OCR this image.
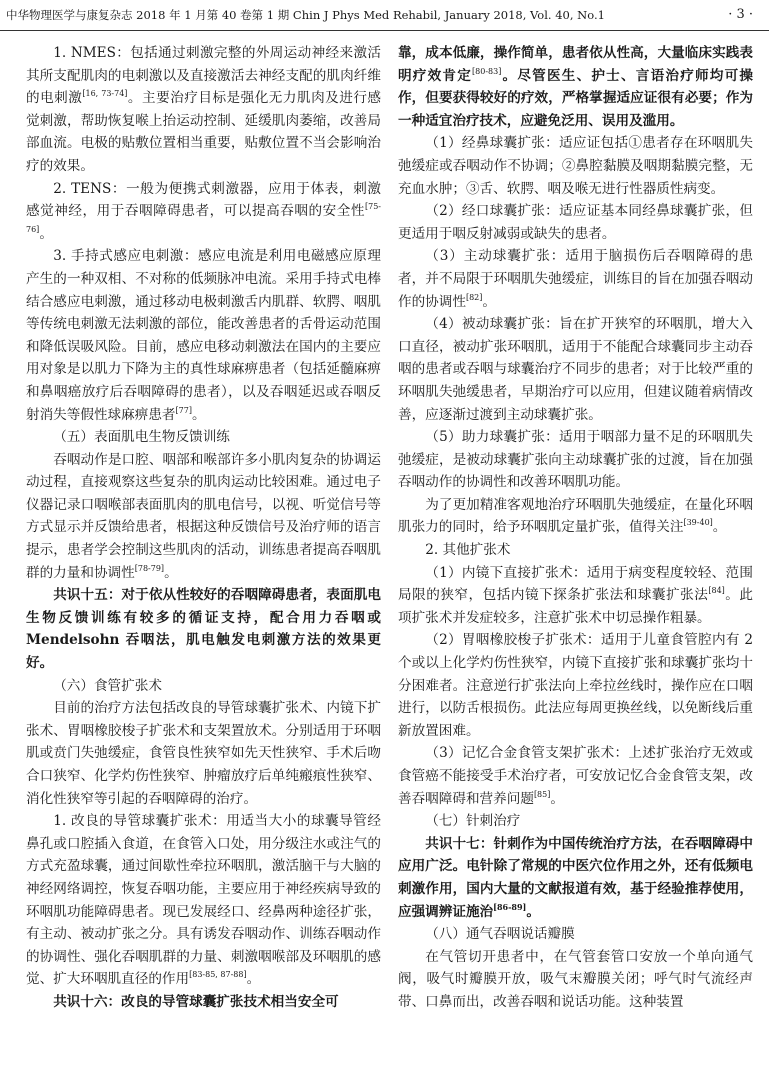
中华物理医学与康复杂志 2018 年 1 月第 40 卷第 1 期 Chin J Phys Med Rehabil, January 2018, Vol. 40, No.1	· 3 ·

1. NMES：包括通过刺激完整的外周运动神经来激活其所支配肌肉的电刺激以及直接激活去神经支配的肌肉纤维的电刺激[16, 73-74]。主要治疗目标是强化无力肌肉及进行感觉刺激，帮助恢复喉上抬运动控制、延缓肌肉萎缩，改善局部血流。电极的贴敷位置相当重要，贴敷位置不当会影响治疗的效果。

2. TENS：一般为便携式刺激器，应用于体表，刺激感觉神经，用于吞咽障碍患者，可以提高吞咽的安全性[75-76]。

3. 手持式感应电刺激：感应电流是利用电磁感应原理产生的一种双相、不对称的低频脉冲电流。采用手持式电棒结合感应电刺激，通过移动电极刺激舌内肌群、软腭、咽肌等传统电刺激无法刺激的部位，能改善患者的舌骨运动范围和降低误吸风险。目前，感应电移动刺激法在国内的主要应用对象是以肌力下降为主的真性球麻痹患者（包括延髓麻痹和鼻咽癌放疗后吞咽障碍的患者），以及吞咽延迟或吞咽反射消失等假性球麻痹患者[77]。

（五）表面肌电生物反馈训练

吞咽动作是口腔、咽部和喉部许多小肌肉复杂的协调运动过程，直接观察这些复杂的肌肉运动比较困难。通过电子仪器记录口咽喉部表面肌肉的肌电信号，以视、听觉信号等方式显示并反馈给患者，根据这种反馈信号及治疗师的语言提示，患者学会控制这些肌肉的活动，训练患者提高吞咽肌群的力量和协调性[78-79]。

共识十五：对于依从性较好的吞咽障碍患者，表面肌电生物反馈训练有较多的循证支持，配合用力吞咽或 Mendelsohn 吞咽法，肌电触发电刺激方法的效果更好。

（六）食管扩张术

目前的治疗方法包括改良的导管球囊扩张术、内镜下扩张术、胃咽橡胶梭子扩张术和支架置放术。分别适用于环咽肌或贲门失弛缓症，食管良性狭窄如先天性狭窄、手术后吻合口狭窄、化学灼伤性狭窄、肿瘤放疗后单纯瘢痕性狭窄、消化性狭窄等引起的吞咽障碍的治疗。

1. 改良的导管球囊扩张术：用适当大小的球囊导管经鼻孔或口腔插入食道，在食管入口处，用分级注水或注气的方式充盈球囊，通过间歇性牵拉环咽肌，激活脑干与大脑的神经网络调控，恢复吞咽功能，主要应用于神经疾病导致的环咽肌功能障碍患者。现已发展经口、经鼻两种途径扩张，有主动、被动扩张之分。具有诱发吞咽动作、训练吞咽动作的协调性、强化吞咽肌群的力量、刺激咽喉部及环咽肌的感觉、扩大环咽肌直径的作用[83-85, 87-88]。

共识十六：改良的导管球囊扩张技术相当安全可

靠，成本低廉，操作简单，患者依从性高，大量临床实践表明疗效肯定[80-83]。尽管医生、护士、言语治疗师均可操作，但要获得较好的疗效，严格掌握适应证很有必要；作为一种适宜治疗技术，应避免泛用、误用及滥用。

（1）经鼻球囊扩张：适应证包括①患者存在环咽肌失弛缓症或吞咽动作不协调；②鼻腔黏膜及咽期黏膜完整，无充血水肿；③舌、软腭、咽及喉无进行性器质性病变。

（2）经口球囊扩张：适应证基本同经鼻球囊扩张，但更适用于咽反射减弱或缺失的患者。

（3）主动球囊扩张：适用于脑损伤后吞咽障碍的患者，并不局限于环咽肌失弛缓症，训练目的旨在加强吞咽动作的协调性[82]。

（4）被动球囊扩张：旨在扩开狭窄的环咽肌，增大入口直径，被动扩张环咽肌，适用于不能配合球囊同步主动吞咽的患者或吞咽与球囊治疗不同步的患者；对于比较严重的环咽肌失弛缓患者，早期治疗可以应用，但建议随着病情改善，应逐渐过渡到主动球囊扩张。

（5）助力球囊扩张：适用于咽部力量不足的环咽肌失弛缓症，是被动球囊扩张向主动球囊扩张的过渡，旨在加强吞咽动作的协调性和改善环咽肌功能。

为了更加精准客观地治疗环咽肌失弛缓症，在量化环咽肌张力的同时，给予环咽肌定量扩张，值得关注[39-40]。

2. 其他扩张术

（1）内镜下直接扩张术：适用于病变程度较轻、范围局限的狭窄，包括内镜下探条扩张法和球囊扩张法[84]。此项扩张术并发症较多，注意扩张术中切忌操作粗暴。

（2）胃咽橡胶梭子扩张术：适用于儿童食管腔内有 2 个或以上化学灼伤性狭窄，内镜下直接扩张和球囊扩张均十分困难者。注意逆行扩张法向上牵拉丝线时，操作应在口咽进行，以防舌根损伤。此法应每周更换丝线，以免断线后重新放置困难。

（3）记忆合金食管支架扩张术：上述扩张治疗无效或食管癌不能接受手术治疗者，可安放记忆合金食管支架，改善吞咽障碍和营养问题[85]。

（七）针刺治疗

共识十七：针刺作为中国传统治疗方法，在吞咽障碍中应用广泛。电针除了常规的中医穴位作用之外，还有低频电刺激作用，国内大量的文献报道有效，基于经验推荐使用，应强调辨证施治[86-89]。

（八）通气吞咽说话瓣膜

在气管切开患者中，在气管套管口安放一个单向通气阀，吸气时瓣膜开放，吸气末瓣膜关闭；呼气时气流经声带、口鼻而出，改善吞咽和说话功能。这种装置
